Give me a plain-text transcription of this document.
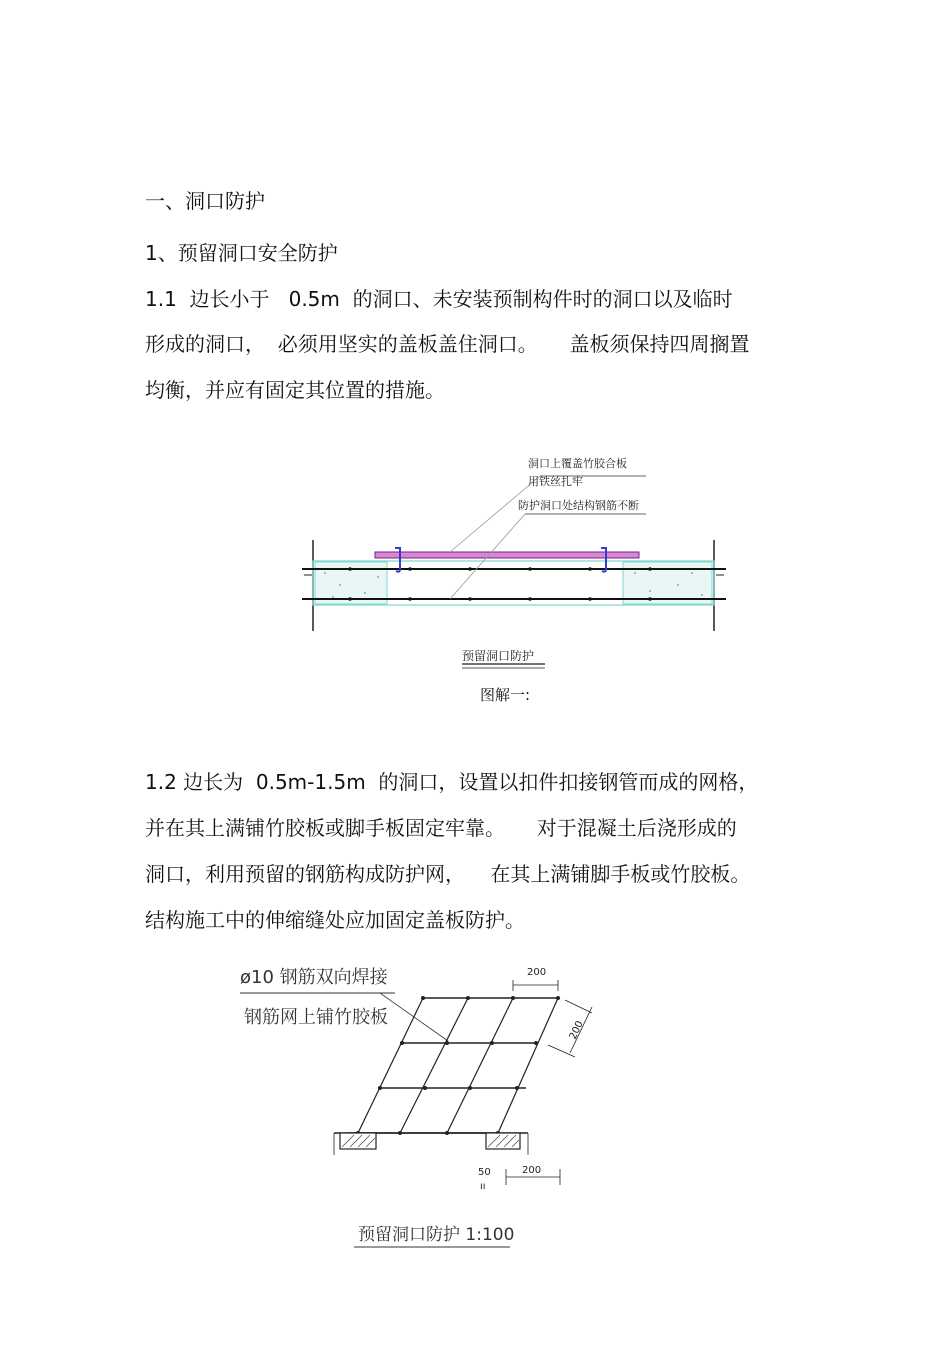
一、洞口防护
1、预留洞口安全防护
1.1  边长小于   0.5m  的洞口、未安装预制构件时的洞口以及临时
形成的洞口，  必须用坚实的盖板盖住洞口。     盖板须保持四周搁置
均衡，并应有固定其位置的措施。
洞口上覆盖竹胶合板
用铁丝扎牢
防护洞口处结构钢筋不断
预留洞口防护
图解一:
1.2 边长为  0.5m-1.5m  的洞口，设置以扣件扣接钢管而成的网格，
并在其上满铺竹胶板或脚手板固定牢靠。     对于混凝土后浇形成的
洞口，利用预留的钢筋构成防护网，    在其上满铺脚手板或竹胶板。
结构施工中的伸缩缝处应加固定盖板防护。
ø10 钢筋双向焊接
钢筋网上铺竹胶板
200
200
200
50
ıı
预留洞口防护 1:100
